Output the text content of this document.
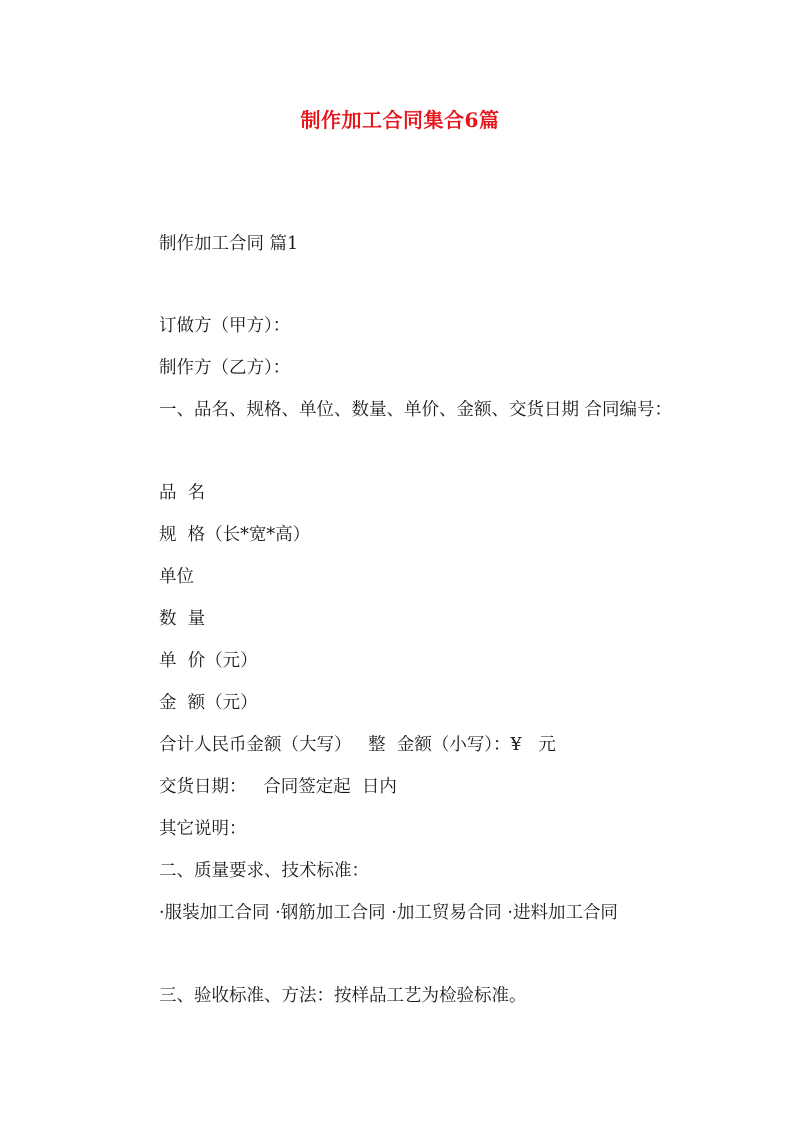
制作加工合同集合6篇
制作加工合同 篇1
订做方（甲方）：
制作方（乙方）：
一、品名、规格、单位、数量、单价、金额、交货日期 合同编号：
品  名
规  格（长*宽*高）
单位
数  量
单  价（元）
金  额（元）
合计人民币金额（大写）   整  金额（小写）：¥   元
交货日期：   合同签定起  日内
其它说明：
二、质量要求、技术标准：
·服装加工合同 ·钢筋加工合同 ·加工贸易合同 ·进料加工合同
三、验收标准、方法：按样品工艺为检验标准。
